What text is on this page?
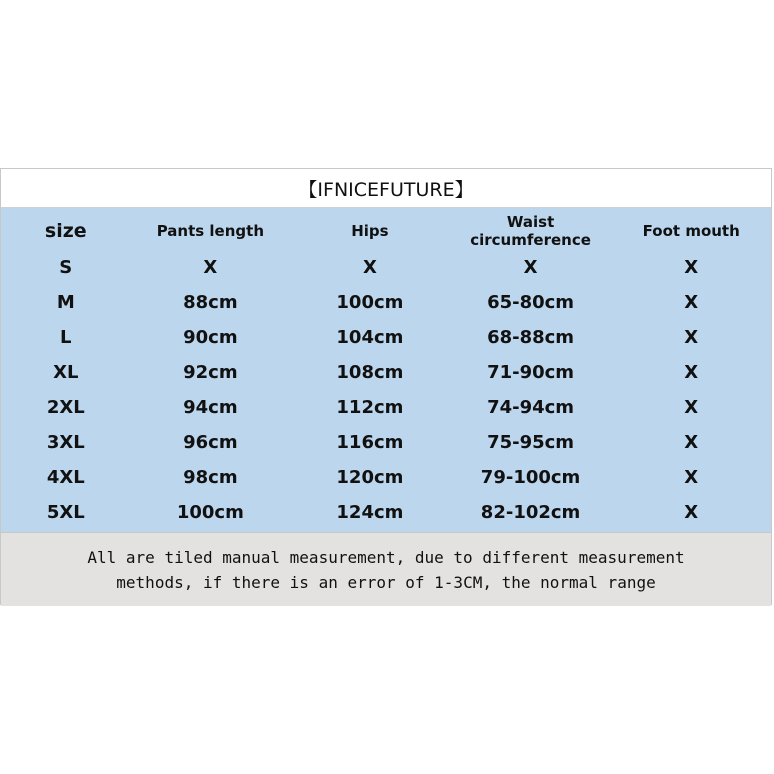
【IFNICEFUTURE】
size	Pants length	Hips	Waist circumference	Foot mouth
S	X	X	X	X
M	88cm	100cm	65-80cm	X
L	90cm	104cm	68-88cm	X
XL	92cm	108cm	71-90cm	X
2XL	94cm	112cm	74-94cm	X
3XL	96cm	116cm	75-95cm	X
4XL	98cm	120cm	79-100cm	X
5XL	100cm	124cm	82-102cm	X
All are tiled manual measurement, due to different measurement
methods, if there is an error of 1-3CM, the normal range
